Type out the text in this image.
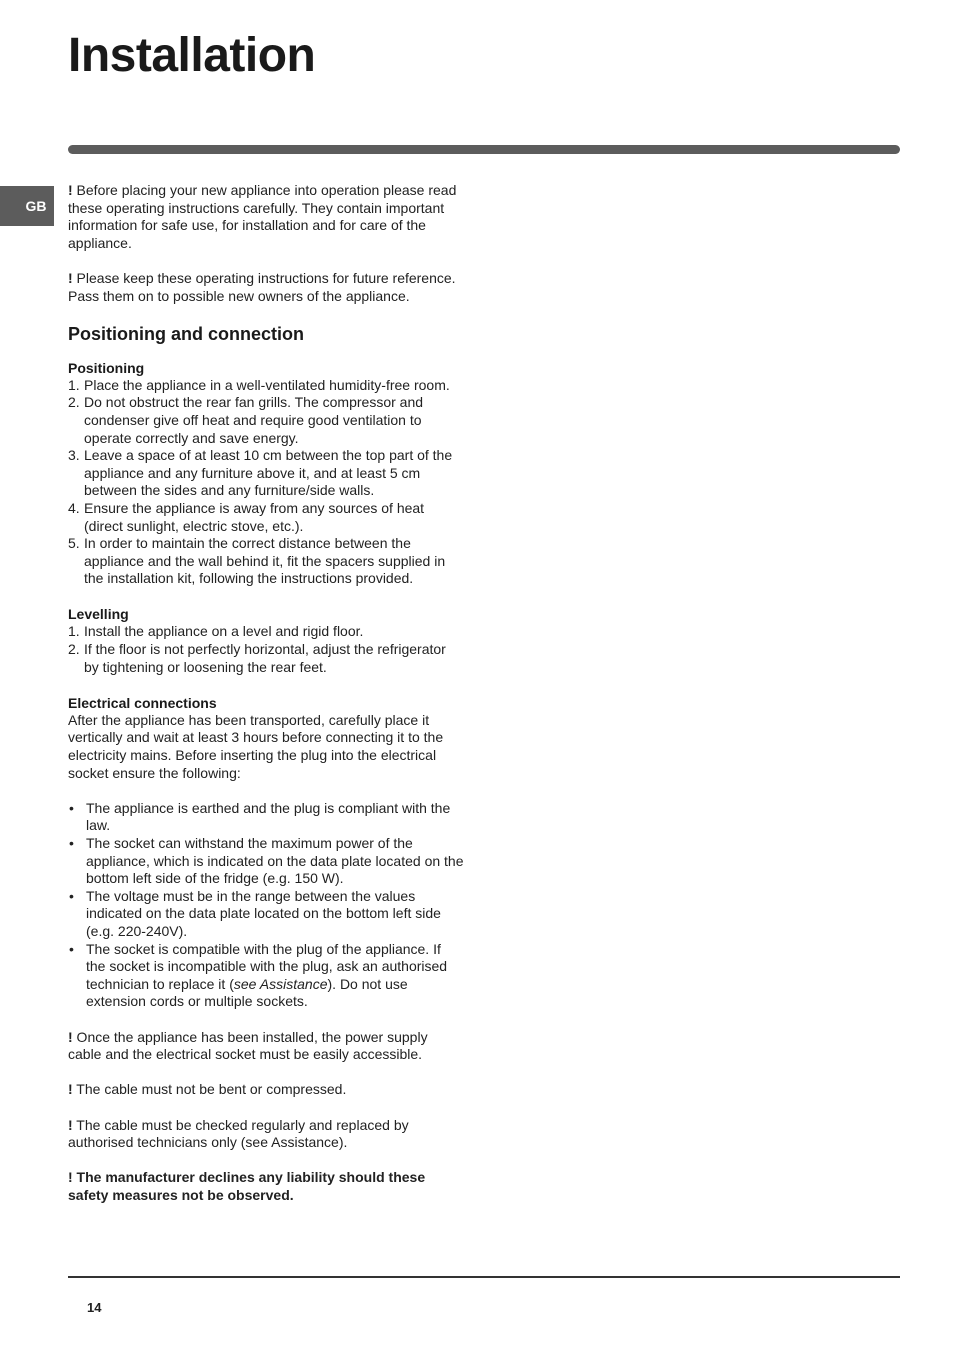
Installation
GB

! Before placing your new appliance into operation please read these operating instructions carefully. They contain important information for safe use, for installation and for care of the appliance.

! Please keep these operating instructions for future reference. Pass them on to possible new owners of the appliance.

Positioning and connection
Positioning
1. Place the appliance in a well-ventilated humidity-free room.
2. Do not obstruct the rear fan grills. The compressor and condenser give off heat and require good ventilation to operate correctly and save energy.
3. Leave a space of at least 10 cm between the top part of the appliance and any furniture above it, and at least 5 cm between the sides and any furniture/side walls.
4. Ensure the appliance is away from any sources of heat (direct sunlight, electric stove, etc.).
5. In order to maintain the correct distance between the appliance and the wall behind it, fit the spacers supplied in the installation kit, following the instructions provided.
Levelling
1. Install the appliance on a level and rigid floor.
2. If the floor is not perfectly horizontal, adjust the refrigerator by tightening or loosening the rear feet.
Electrical connections

After the appliance has been transported, carefully place it vertically and wait at least 3 hours before connecting it to the electricity mains. Before inserting the plug into the electrical socket ensure the following:

• The appliance is earthed and the plug is compliant with the law.
• The socket can withstand the maximum power of the appliance, which is indicated on the data plate located on the bottom left side of the fridge (e.g. 150 W).
• The voltage must be in the range between the values indicated on the data plate located on the bottom left side (e.g. 220-240V).
• The socket is compatible with the plug of the appliance. If the socket is incompatible with the plug, ask an authorised technician to replace it (see Assistance). Do not use extension cords or multiple sockets.

! Once the appliance has been installed, the power supply cable and the electrical socket must be easily accessible.

! The cable must not be bent or compressed.

! The cable must be checked regularly and replaced by authorised technicians only (see Assistance).

! The manufacturer declines any liability should these safety measures not be observed.

14
